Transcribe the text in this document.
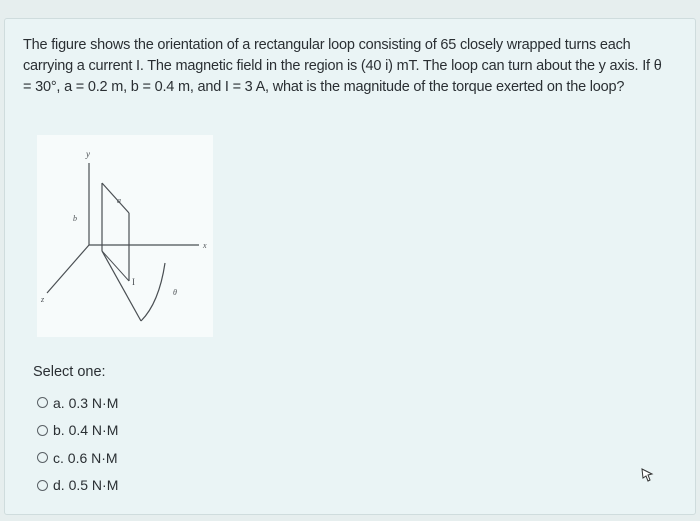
The figure shows the orientation of a rectangular loop consisting of 65 closely wrapped turns each carrying a current I. The magnetic field in the region is (40 i) mT. The loop can turn about the y axis. If θ = 30°, a = 0.2 m, b = 0.4 m, and I = 3 A, what is the magnitude of the torque exerted on the loop?
y
x
z
a
b
I
θ
Select one:
a. 0.3 N·M
b. 0.4 N·M
c. 0.6 N·M
d. 0.5 N·M
